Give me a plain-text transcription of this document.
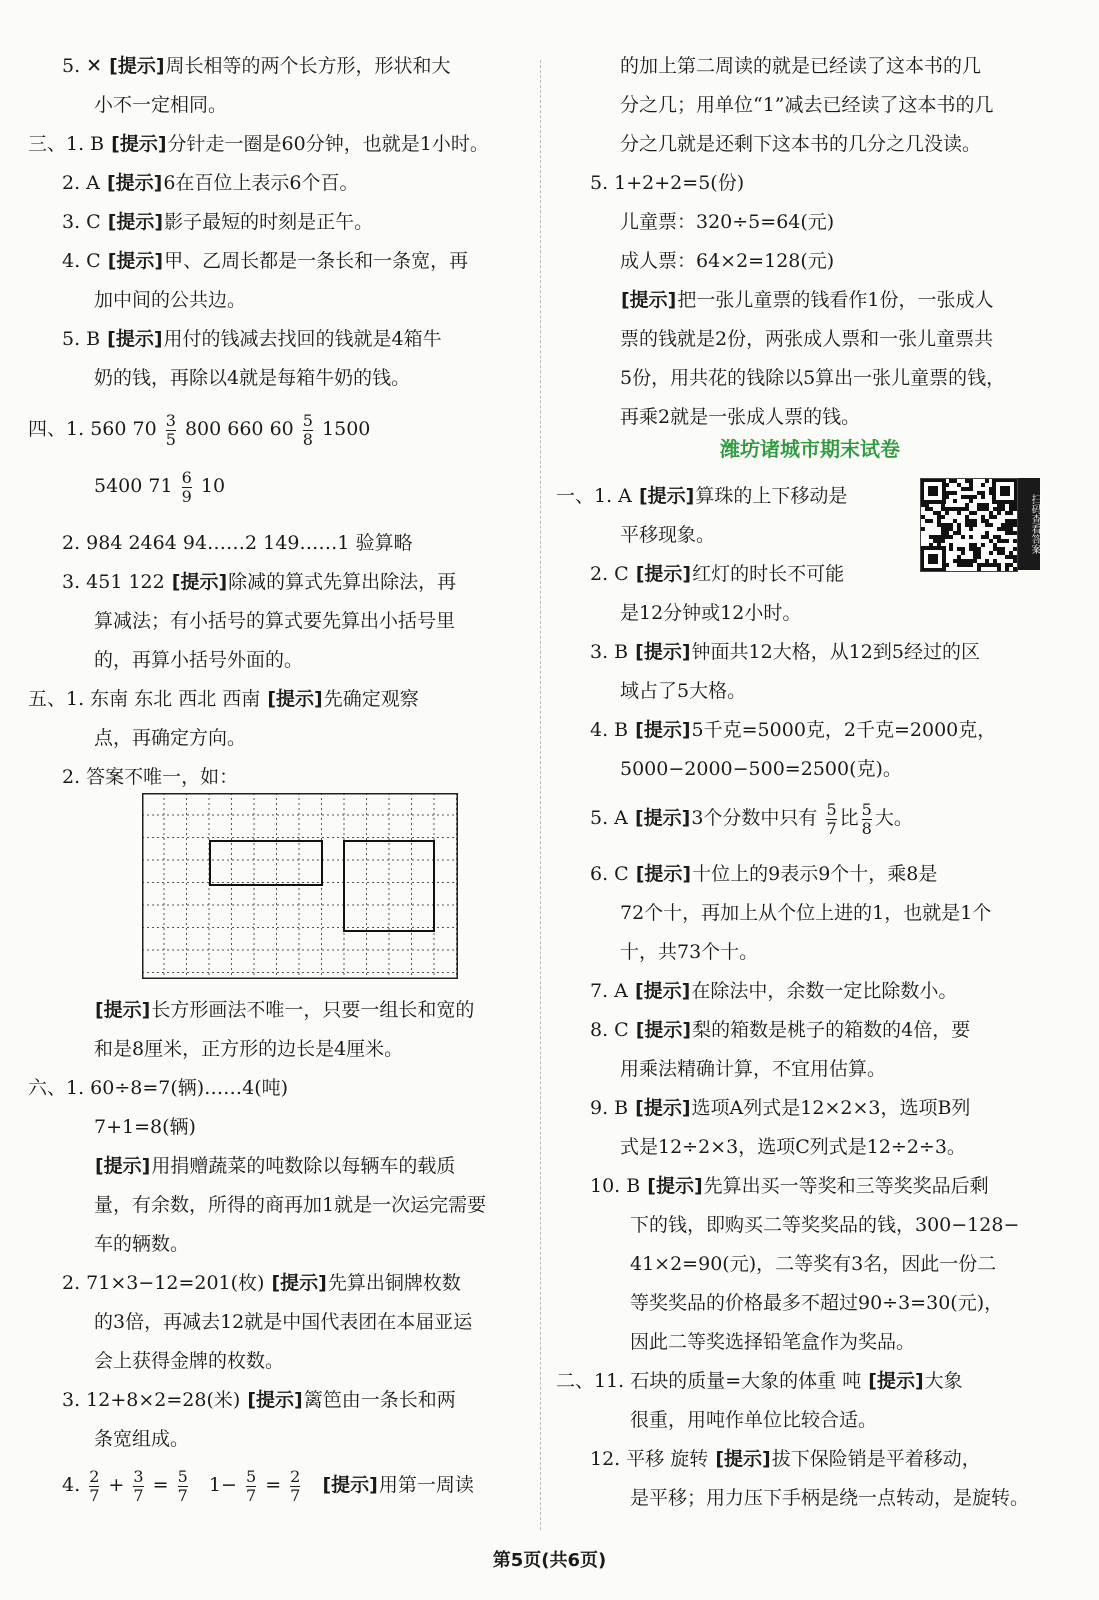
四、1. 560 $70 \frac{3}{5} 800$ 660 $60 \frac{5}{8} 1500$
5400 $71 \frac{6}{9} 10$
4. $\frac{2}{7} + \frac{3}{7} = \frac{5}{7} 1- \frac{5}{7} = \frac{2}{7}$ [提示]用第一周读
5. A [提示]3个分数中只有 $\frac{5}{7}$ 比 $\frac{5}{8}$ 大。
潍坊诸城市期末试卷
扫码查看答案
第5页(共6页)
5. ✕ [提示]周长相等的两个长方形，形状和大
小不一定相同。
三、1. B [提示]分针走一圈是60分钟，也就是1小时。
2. A [提示]6在百位上表示6个百。
3. C [提示]影子最短的时刻是正午。
4. C [提示]甲、乙周长都是一条长和一条宽，再
加中间的公共边。
5. B [提示]用付的钱减去找回的钱就是4箱牛
奶的钱，再除以4就是每箱牛奶的钱。
2. 984 2464 94……2 149……1 验算略
3. 451 122 [提示]除减的算式先算出除法，再
算减法；有小括号的算式要先算出小括号里
的，再算小括号外面的。
五、1. 东南 东北 西北 西南 [提示]先确定观察
点，再确定方向。
2. 答案不唯一，如：
[提示]长方形画法不唯一，只要一组长和宽的
和是8厘米，正方形的边长是4厘米。
六、1. 60÷8=7(辆)……4(吨)
7+1=8(辆)
[提示]用捐赠蔬菜的吨数除以每辆车的载质
量，有余数，所得的商再加1就是一次运完需要
车的辆数。
2. 71×3−12=201(枚) [提示]先算出铜牌枚数
的3倍，再减去12就是中国代表团在本届亚运
会上获得金牌的枚数。
3. 12+8×2=28(米) [提示]篱笆由一条长和两
条宽组成。
的加上第二周读的就是已经读了这本书的几
分之几；用单位“1”减去已经读了这本书的几
分之几就是还剩下这本书的几分之几没读。
5. 1+2+2=5(份)
儿童票：320÷5=64(元)
成人票：64×2=128(元)
[提示]把一张儿童票的钱看作1份，一张成人
票的钱就是2份，两张成人票和一张儿童票共
5份，用共花的钱除以5算出一张儿童票的钱，
再乘2就是一张成人票的钱。
一、1. A [提示]算珠的上下移动是
平移现象。
2. C [提示]红灯的时长不可能
是12分钟或12小时。
3. B [提示]钟面共12大格，从12到5经过的区
域占了5大格。
4. B [提示]5千克=5000克，2千克=2000克，
5000−2000−500=2500(克)。
6. C [提示]十位上的9表示9个十，乘8是
72个十，再加上从个位上进的1，也就是1个
十，共73个十。
7. A [提示]在除法中，余数一定比除数小。
8. C [提示]梨的箱数是桃子的箱数的4倍，要
用乘法精确计算，不宜用估算。
9. B [提示]选项A列式是12×2×3，选项B列
式是12÷2×3，选项C列式是12÷2÷3。
10. B [提示]先算出买一等奖和三等奖奖品后剩
下的钱，即购买二等奖奖品的钱，300−128−
41×2=90(元)，二等奖有3名，因此一份二
等奖奖品的价格最多不超过90÷3=30(元)，
因此二等奖选择铅笔盒作为奖品。
二、11. 石块的质量=大象的体重 吨 [提示]大象
很重，用吨作单位比较合适。
12. 平移 旋转 [提示]拔下保险销是平着移动，
是平移；用力压下手柄是绕一点转动，是旋转。
